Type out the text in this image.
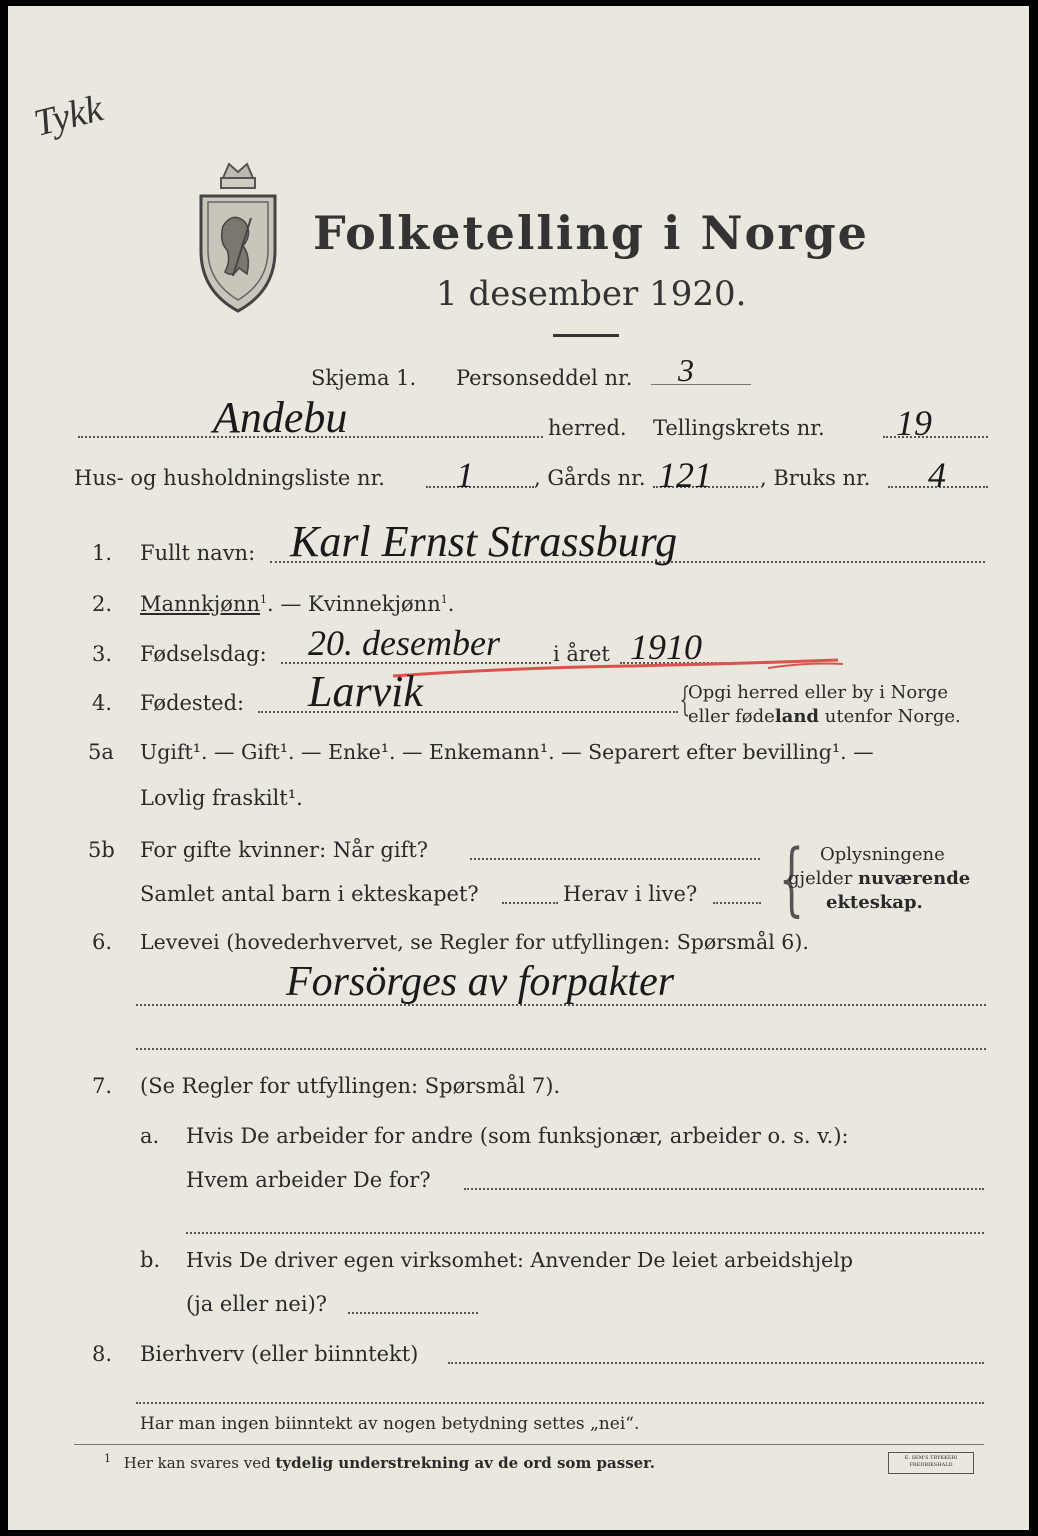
Tykk
Folketelling i Norge
1 desember 1920.
Skjema 1. Personseddel nr. 3
Andebu	herred. Tellingskrets nr. 19
Hus- og husholdningsliste nr. 1	, Gårds nr. 121 , Bruks nr. 4
1. Fullt navn: Karl Ernst Strassburg
2. Mannkjønn$^1$. — Kvinnekjønn$^1$.
3. Fødselsdag: 20. desember	i året 1910
4. Fødested: Larvik	{
Opgi herred eller by i Norge
eller fødeland utenfor Norge.
5a Ugift¹. — Gift¹. — Enke¹. — Enkemann¹. — Separert efter bevilling¹. —
Lovlig fraskilt¹.
5b For gifte kvinner: Når gift?
Samlet antal barn i ekteskapet?	Herav i live? { Oplysningene
gjelder nuværende
ekteskap.
6. Levevei (hovederhvervet, se Regler for utfyllingen: Spørsmål 6).
Forsörges av forpakter
7. (Se Regler for utfyllingen: Spørsmål 7).
a. Hvis De arbeider for andre (som funksjonær, arbeider o. s. v.):
Hvem arbeider De for?
b. Hvis De driver egen virksomhet: Anvender De leiet arbeidshjelp
(ja eller nei)?
8. Bierhverv (eller biinntekt)
Har man ingen biinntekt av nogen betydning settes „nei“.
$^1$ Her kan svares ved tydelig understrekning av de ord som passer.	E. SEM'S TRYKKERI
FREDRIKSHALD
